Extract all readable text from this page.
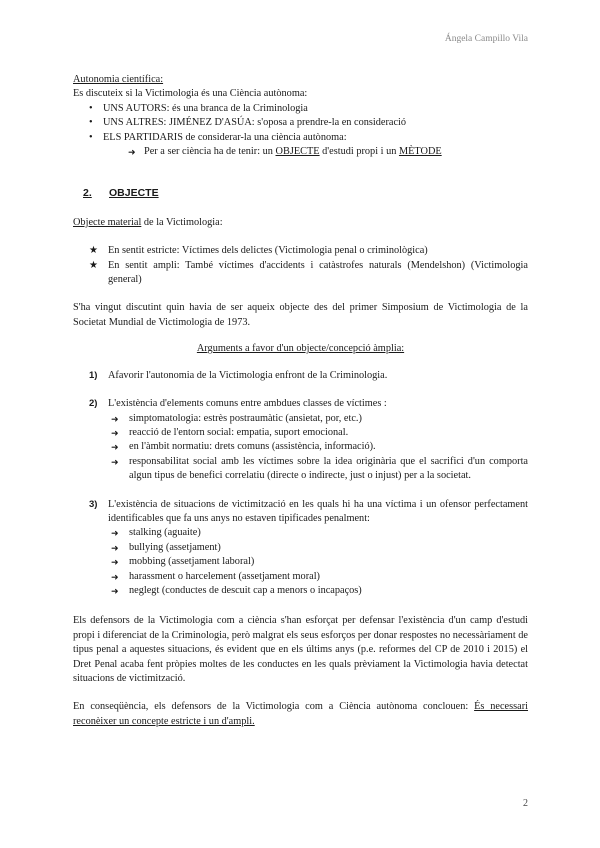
Ángela Campillo Vila

Autonomia científica:

Es discuteix si la Victimologia és una Ciència autònoma:

• UNS AUTORS: és una branca de la Criminologia

• UNS ALTRES: JIMÉNEZ D'ASÚA: s'oposa a prendre-la en consideració

• ELS PARTIDARIS de considerar-la una ciència autònoma:

➜ Per a ser ciència ha de tenir: un OBJECTE d'estudi propi i un MÈTODE

2. OBJECTE

Objecte material de la Victimologia:

★ En sentit estricte: Víctimes dels delictes (Victimologia penal o criminològica)

★ En sentit ampli: També víctimes d'accidents i catàstrofes naturals (Mendelshon) (Victimologia general)

S'ha vingut discutint quin havia de ser aqueix objecte des del primer Simposium de Victimologia de la Societat Mundial de Victimologia de 1973.

Arguments a favor d'un objecte/concepció àmplia:

1) Afavorir l'autonomia de la Victimologia enfront de la Criminologia.

2) L'existència d'elements comuns entre ambdues classes de víctimes :

➜ simptomatologia: estrès postraumàtic (ansietat, por, etc.)

➜ reacció de l'entorn social: empatia, suport emocional.

➜ en l'àmbit normatiu: drets comuns (assistència, informació).

➜ responsabilitat social amb les víctimes sobre la idea originària que el sacrifici d'un comporta algun tipus de benefici correlatiu (directe o indirecte, just o injust) per a la societat.

3) L'existència de situacions de victimització en les quals hi ha una víctima i un ofensor perfectament identificables que fa uns anys no estaven tipificades penalment:

➜ stalking (aguaite)

➜ bullying (assetjament)

➜ mobbing (assetjament laboral)

➜ harassment o harcelement (assetjament moral)

➜ neglegt (conductes de descuit cap a menors o incapaços)

Els defensors de la Victimologia com a ciència s'han esforçat per defensar l'existència d'un camp d'estudi propi i diferenciat de la Criminologia, però malgrat els seus esforços per donar respostes no necessàriament de tipus penal a aquestes situacions, és evident que en els últims anys (p.e. reformes del CP de 2010 i 2015) el Dret Penal acaba fent pròpies moltes de les conductes en les quals prèviament la Victimologia havia detectat situacions de victimització.

En conseqüència, els defensors de la Victimologia com a Ciència autònoma conclouen: És necessari reconèixer un concepte estricte i un d'ampli.

2
